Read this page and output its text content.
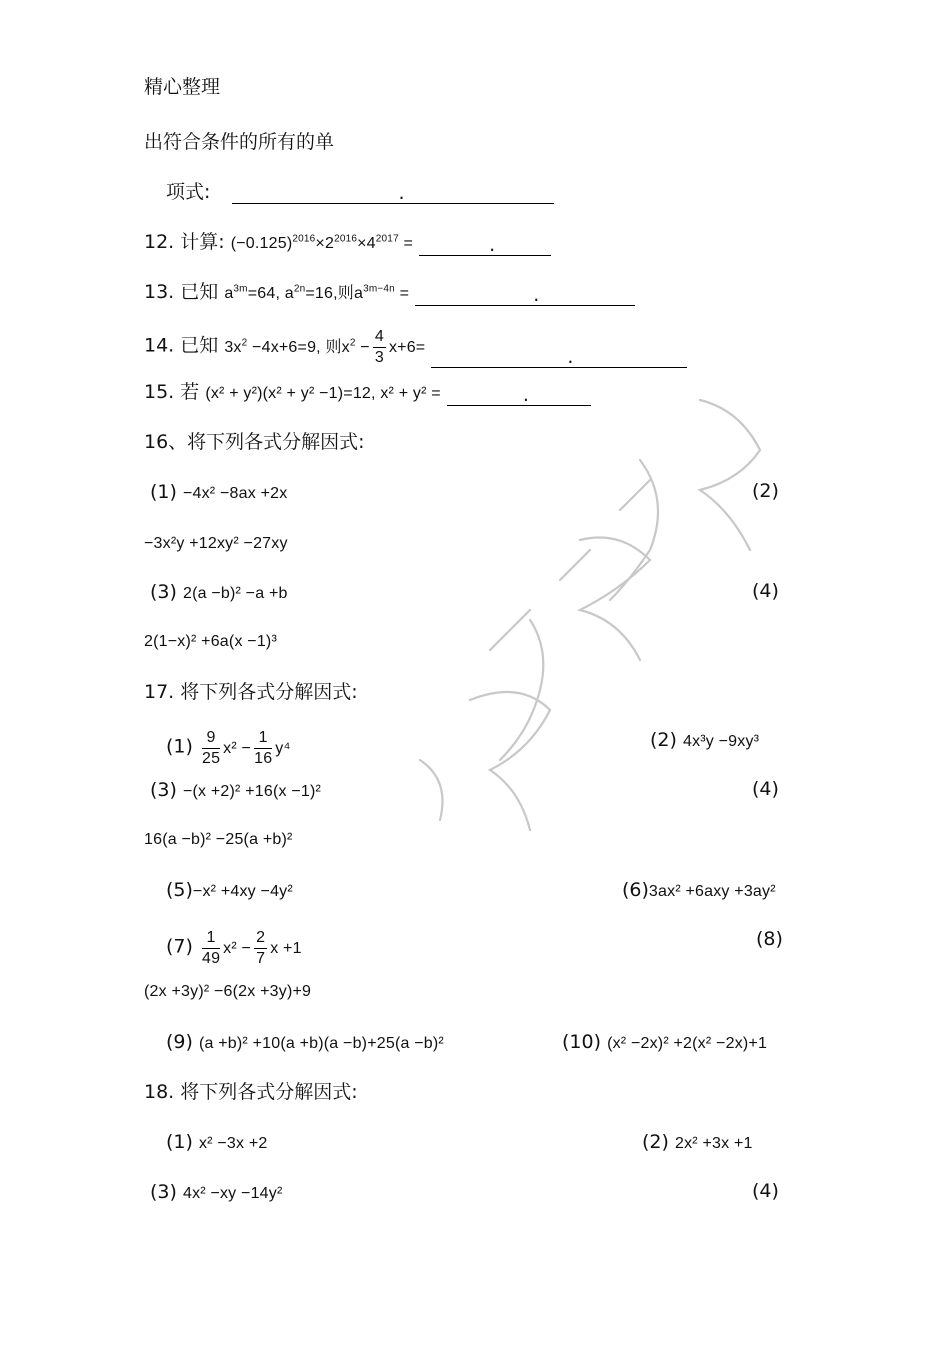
精心整理
出符合条件的所有的单
项式:	.
12. 计算: $(-0.125)^{2016}\times 2^{2016}\times 4^{2017}$ =	.
13. 已知 $a^{3m}=64$, $a^{2n}=16$,则$a^{3m-4n}$ =	.
14. 已知 $3x^2 -4x+6=9$, 则$x^2 - \frac{4}{3} x+6=$	.
15. 若 (x² + y²)(x² + y² −1)=12, x² + y² =	.
16、将下列各式分解因式:
(1) −4x² −8ax +2x	(2)
−3x²y +12xy² −27xy
(3) 2(a −b)² −a +b	(4)
2(1−x)² +6a(x −1)³
17. 将下列各式分解因式:
$(1) \frac{9}{25} x^2 - \frac{1}{16} y^4$	(2) 4x³y −9xy³
(3) −(x +2)² +16(x −1)²	(4)
16(a −b)² −25(a +b)²
(5)−x² +4xy −4y²	(6)3ax² +6axy +3ay²
$(7) \frac{1}{49} x^2 - \frac{2}{7}$ x +1	(8)
(2x +3y)² −6(2x +3y)+9
(9) (a +b)² +10(a +b)(a −b)+25(a −b)²	(10) (x² −2x)² +2(x² −2x)+1
18. 将下列各式分解因式:
(1) x² −3x +2	(2) 2x² +3x +1
(3) 4x² −xy −14y²	(4)
